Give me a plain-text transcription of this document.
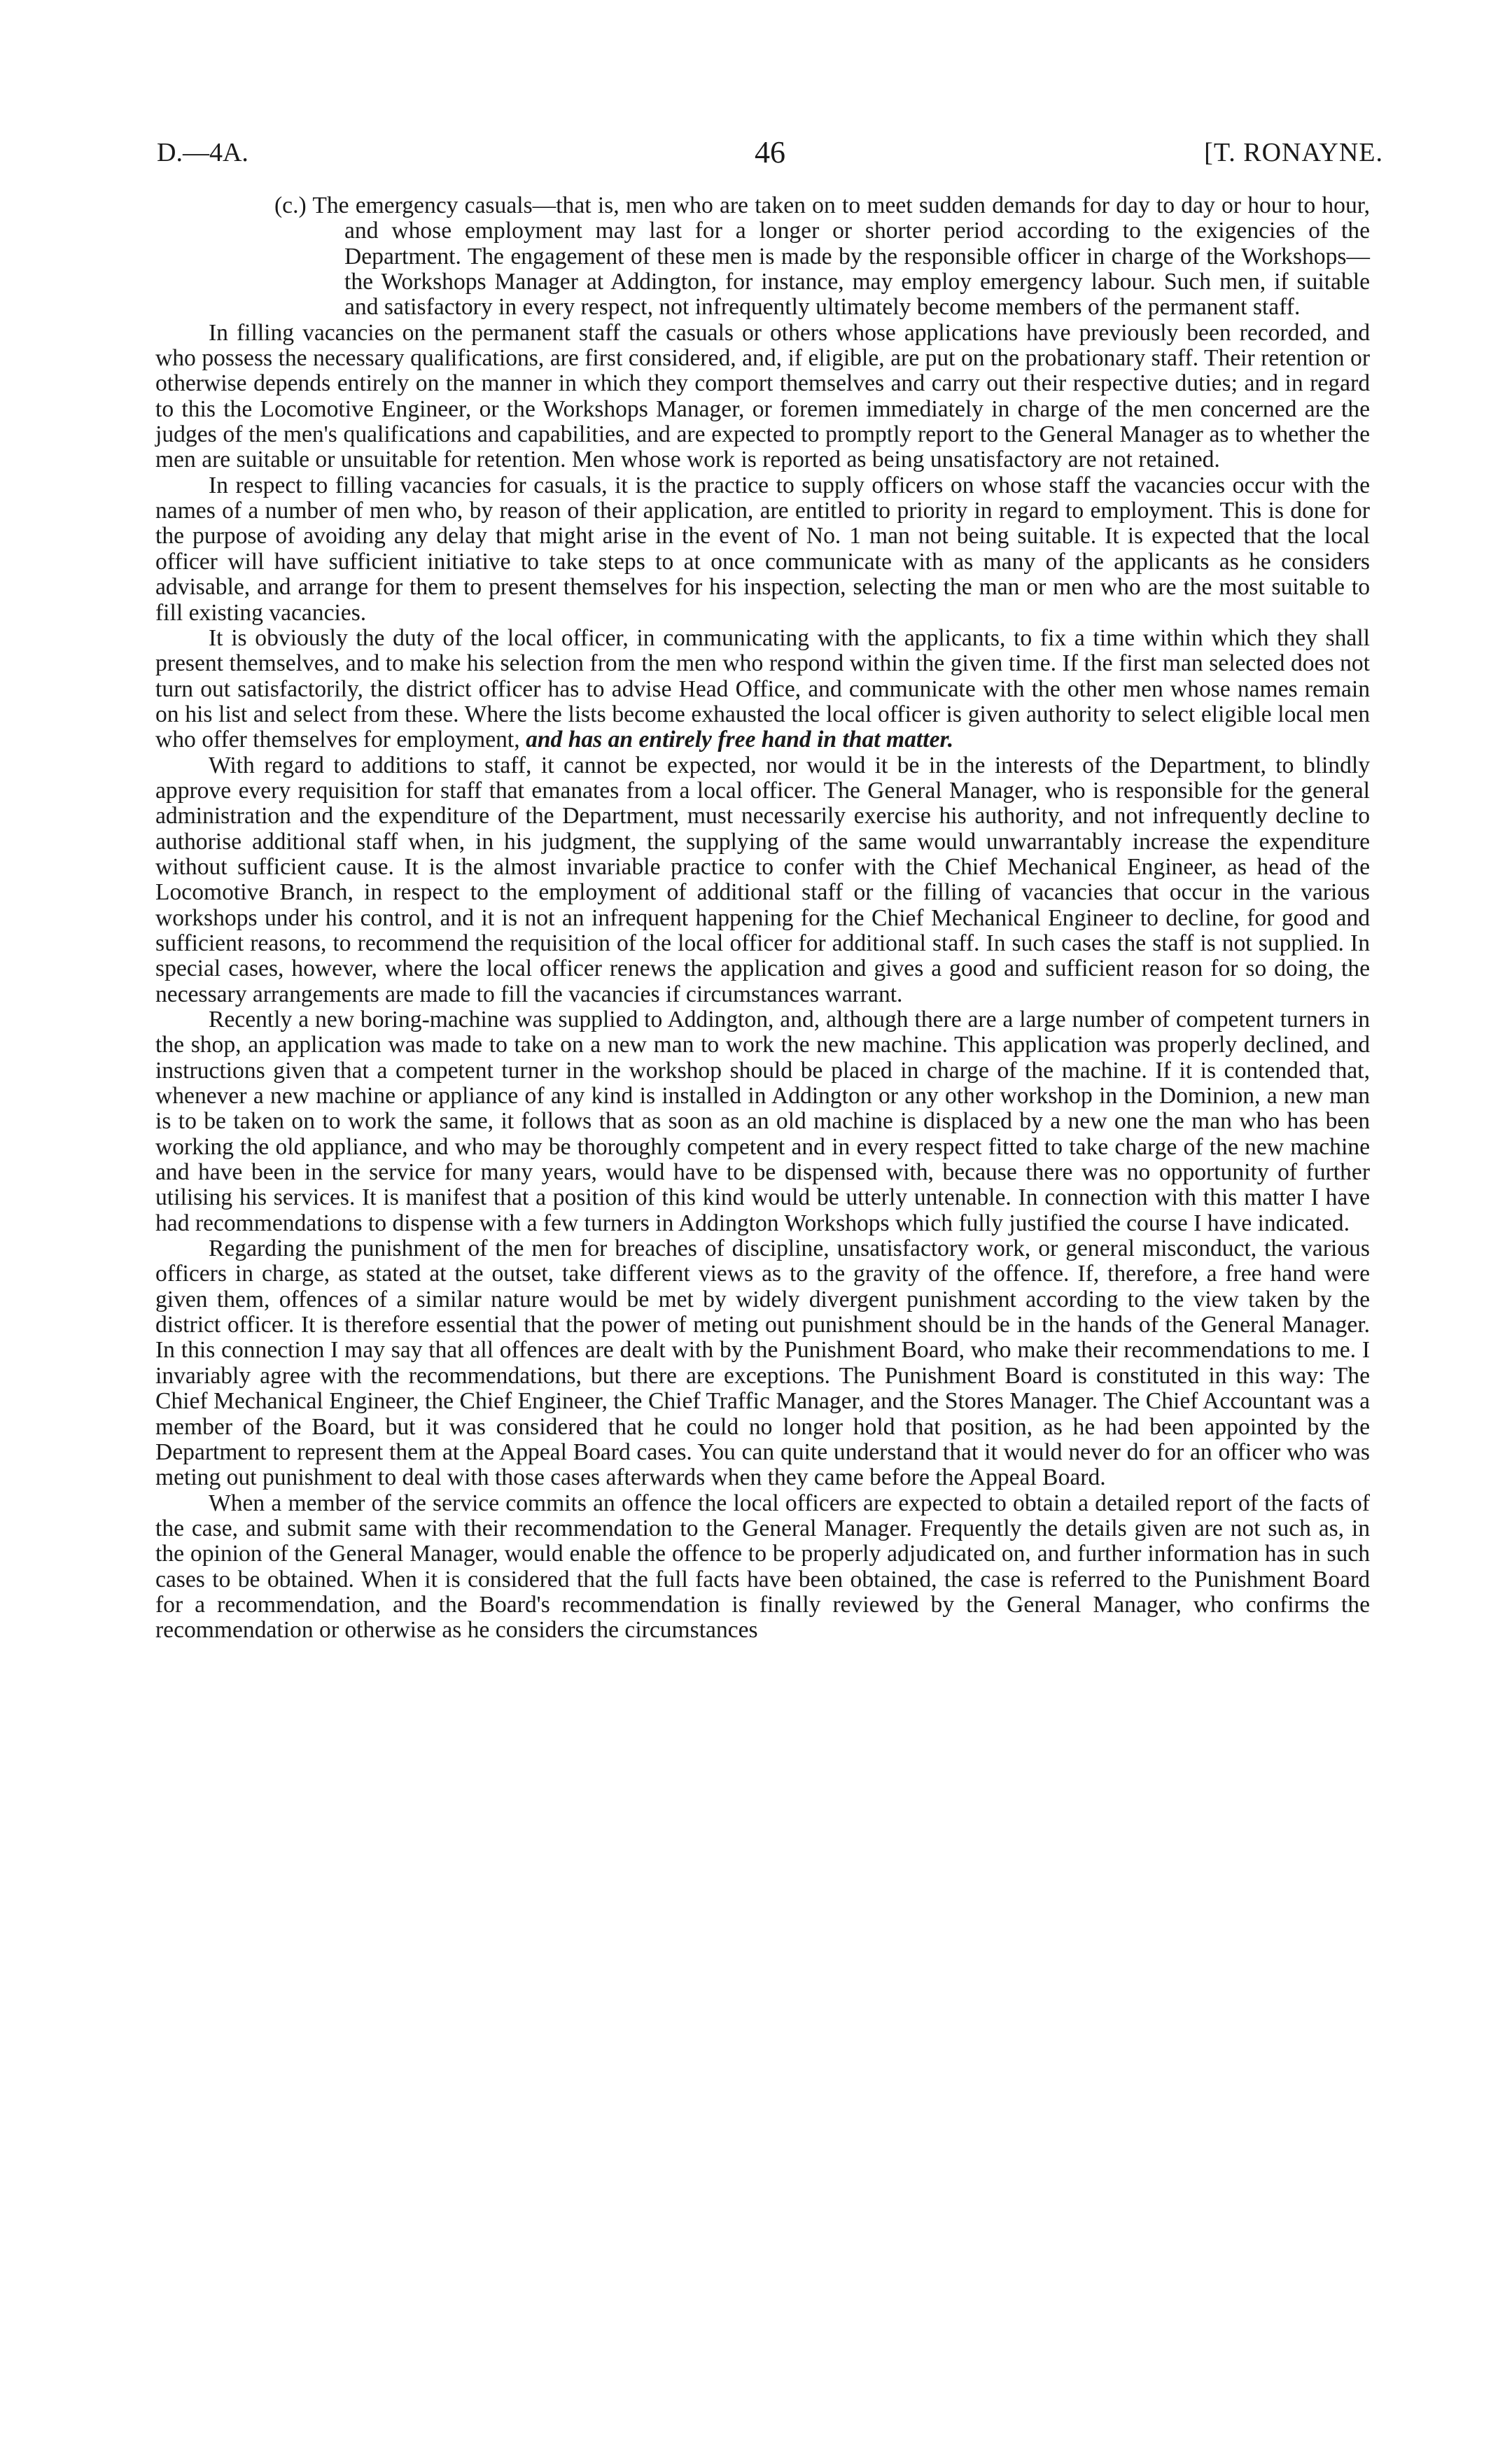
D.—4A.	46	[T. RONAYNE.

(c.) The emergency casuals—that is, men who are taken on to meet sudden demands for day to day or hour to hour, and whose employment may last for a longer or shorter period according to the exigencies of the Department. The engagement of these men is made by the responsible officer in charge of the Workshops—the Workshops Manager at Addington, for instance, may employ emergency labour. Such men, if suitable and satisfactory in every respect, not infrequently ultimately become members of the permanent staff.

In filling vacancies on the permanent staff the casuals or others whose applications have previously been recorded, and who possess the necessary qualifications, are first considered, and, if eligible, are put on the probationary staff. Their retention or otherwise depends entirely on the manner in which they comport themselves and carry out their respective duties; and in regard to this the Locomotive Engineer, or the Workshops Manager, or foremen immediately in charge of the men concerned are the judges of the men's qualifications and capabilities, and are expected to promptly report to the General Manager as to whether the men are suitable or unsuitable for retention. Men whose work is reported as being unsatisfactory are not retained.

In respect to filling vacancies for casuals, it is the practice to supply officers on whose staff the vacancies occur with the names of a number of men who, by reason of their application, are entitled to priority in regard to employment. This is done for the purpose of avoiding any delay that might arise in the event of No. 1 man not being suitable. It is expected that the local officer will have sufficient initiative to take steps to at once communicate with as many of the applicants as he considers advisable, and arrange for them to present themselves for his inspection, selecting the man or men who are the most suitable to fill existing vacancies.

It is obviously the duty of the local officer, in communicating with the applicants, to fix a time within which they shall present themselves, and to make his selection from the men who respond within the given time. If the first man selected does not turn out satisfactorily, the district officer has to advise Head Office, and communicate with the other men whose names remain on his list and select from these. Where the lists become exhausted the local officer is given authority to select eligible local men who offer themselves for employment, and has an entirely free hand in that matter.

With regard to additions to staff, it cannot be expected, nor would it be in the interests of the Department, to blindly approve every requisition for staff that emanates from a local officer. The General Manager, who is responsible for the general administration and the expenditure of the Department, must necessarily exercise his authority, and not infrequently decline to authorise additional staff when, in his judgment, the supplying of the same would unwarrantably increase the expenditure without sufficient cause. It is the almost invariable practice to confer with the Chief Mechanical Engineer, as head of the Locomotive Branch, in respect to the employment of additional staff or the filling of vacancies that occur in the various workshops under his control, and it is not an infrequent happening for the Chief Mechanical Engineer to decline, for good and sufficient reasons, to recommend the requisition of the local officer for additional staff. In such cases the staff is not supplied. In special cases, however, where the local officer renews the application and gives a good and sufficient reason for so doing, the necessary arrangements are made to fill the vacancies if circumstances warrant.

Recently a new boring-machine was supplied to Addington, and, although there are a large number of competent turners in the shop, an application was made to take on a new man to work the new machine. This application was properly declined, and instructions given that a competent turner in the workshop should be placed in charge of the machine. If it is contended that, whenever a new machine or appliance of any kind is installed in Addington or any other workshop in the Dominion, a new man is to be taken on to work the same, it follows that as soon as an old machine is displaced by a new one the man who has been working the old appliance, and who may be thoroughly competent and in every respect fitted to take charge of the new machine and have been in the service for many years, would have to be dispensed with, because there was no opportunity of further utilising his services. It is manifest that a position of this kind would be utterly untenable. In connection with this matter I have had recommendations to dispense with a few turners in Addington Workshops which fully justified the course I have indicated.

Regarding the punishment of the men for breaches of discipline, unsatisfactory work, or general misconduct, the various officers in charge, as stated at the outset, take different views as to the gravity of the offence. If, therefore, a free hand were given them, offences of a similar nature would be met by widely divergent punishment according to the view taken by the district officer. It is therefore essential that the power of meting out punishment should be in the hands of the General Manager. In this connection I may say that all offences are dealt with by the Punishment Board, who make their recommendations to me. I invariably agree with the recommendations, but there are exceptions. The Punishment Board is constituted in this way: The Chief Mechanical Engineer, the Chief Engineer, the Chief Traffic Manager, and the Stores Manager. The Chief Accountant was a member of the Board, but it was considered that he could no longer hold that position, as he had been appointed by the Department to represent them at the Appeal Board cases. You can quite understand that it would never do for an officer who was meting out punishment to deal with those cases afterwards when they came before the Appeal Board.

When a member of the service commits an offence the local officers are expected to obtain a detailed report of the facts of the case, and submit same with their recommendation to the General Manager. Frequently the details given are not such as, in the opinion of the General Manager, would enable the offence to be properly adjudicated on, and further information has in such cases to be obtained. When it is considered that the full facts have been obtained, the case is referred to the Punishment Board for a recommendation, and the Board's recommendation is finally reviewed by the General Manager, who confirms the recommendation or otherwise as he considers the circumstances
